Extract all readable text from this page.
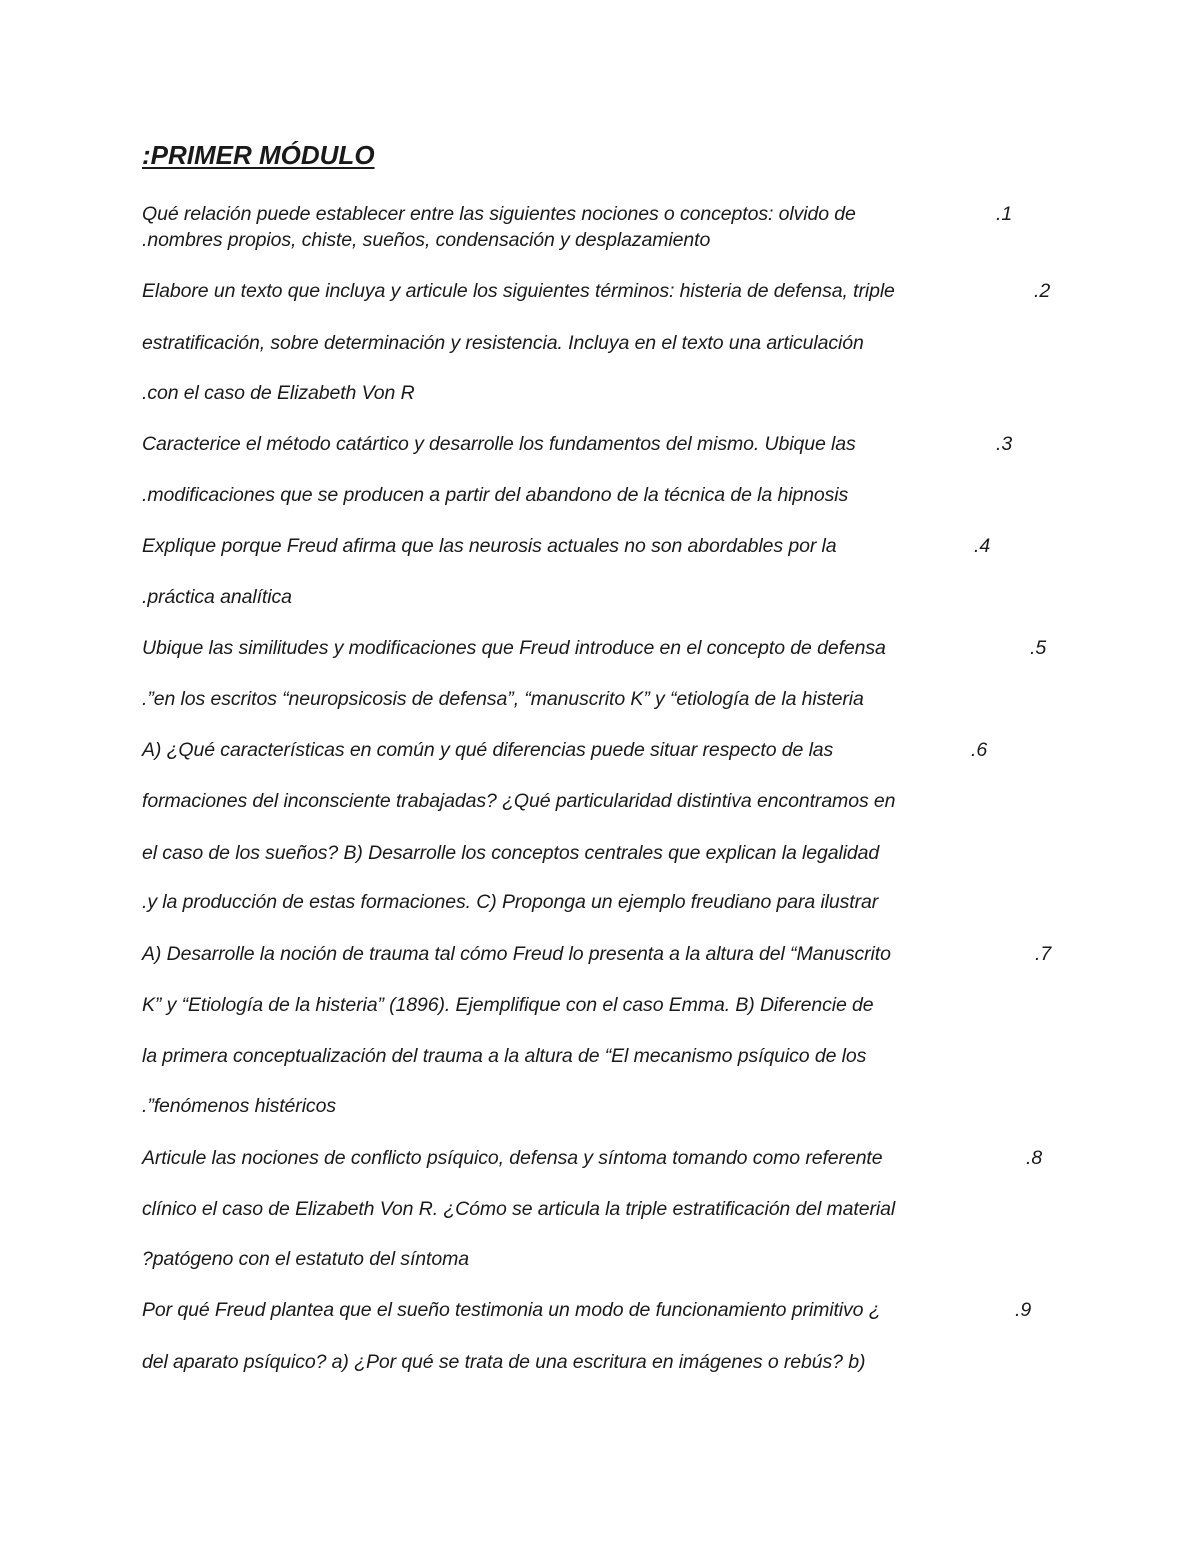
:PRIMER MÓDULO

Qué relación puede establecer entre las siguientes nociones o conceptos: olvido de

.nombres propios, chiste, sueños, condensación y desplazamiento

.1

Elabore un texto que incluya y articule los siguientes términos: histeria de defensa, triple

estratificación, sobre determinación y resistencia. Incluya en el texto una articulación

.con el caso de Elizabeth Von R

.2

Caracterice el método catártico y desarrolle los fundamentos del mismo. Ubique las

.modificaciones que se producen a partir del abandono de la técnica de la hipnosis

.3

Explique porque Freud afirma que las neurosis actuales no son abordables por la

.práctica analítica

.4

Ubique las similitudes y modificaciones que Freud introduce en el concepto de defensa

.”en los escritos “neuropsicosis de defensa”, “manuscrito K” y “etiología de la histeria

.5

A) ¿Qué características en común y qué diferencias puede situar respecto de las

formaciones del inconsciente trabajadas? ¿Qué particularidad distintiva encontramos en

el caso de los sueños? B) Desarrolle los conceptos centrales que explican la legalidad

.y la producción de estas formaciones. C) Proponga un ejemplo freudiano para ilustrar

.6

A) Desarrolle la noción de trauma tal cómo Freud lo presenta a la altura del “Manuscrito

K” y “Etiología de la histeria” (1896). Ejemplifique con el caso Emma. B) Diferencie de

la primera conceptualización del trauma a la altura de “El mecanismo psíquico de los

.”fenómenos histéricos

.7

Articule las nociones de conflicto psíquico, defensa y síntoma tomando como referente

clínico el caso de Elizabeth Von R. ¿Cómo se articula la triple estratificación del material

?patógeno con el estatuto del síntoma

.8

Por qué Freud plantea que el sueño testimonia un modo de funcionamiento primitivo ¿

del aparato psíquico? a) ¿Por qué se trata de una escritura en imágenes o rebús? b)

.9
